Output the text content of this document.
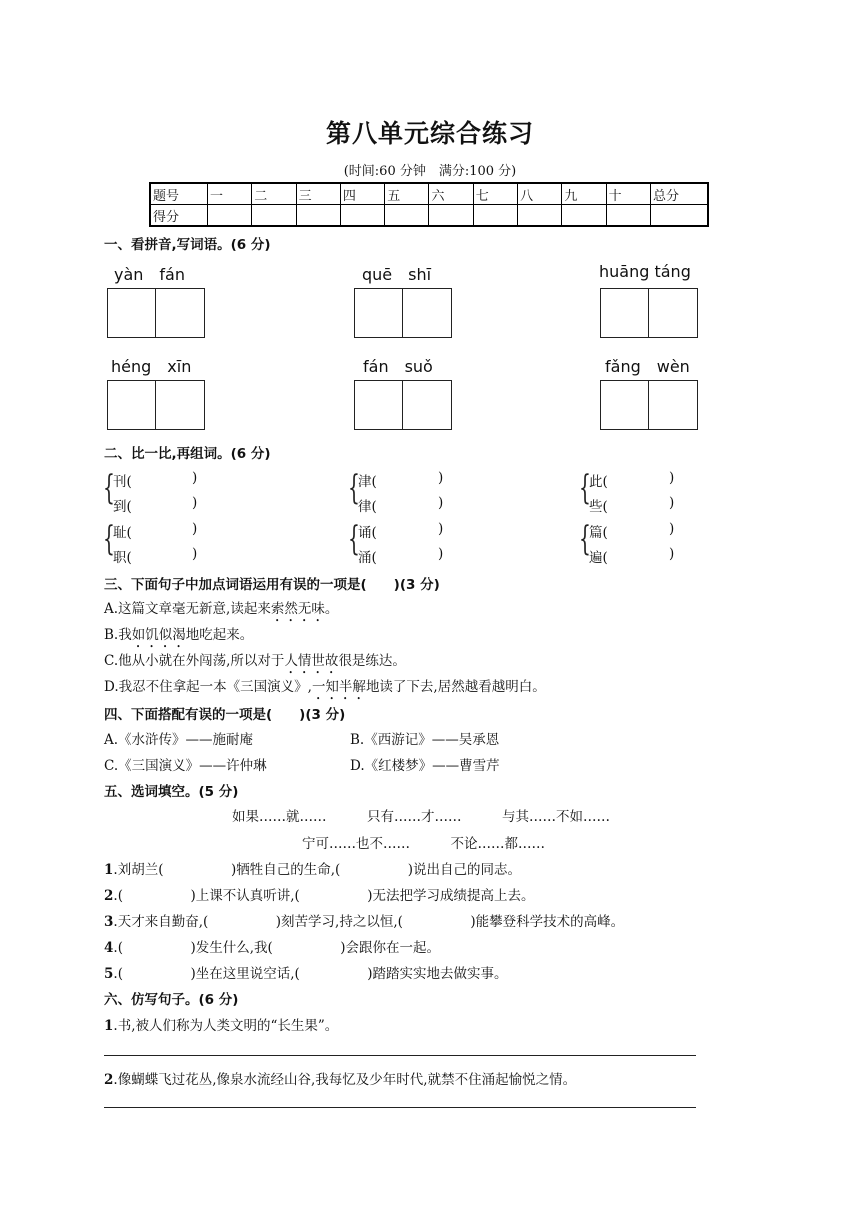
第八单元综合练习
(时间:60 分钟　满分:100 分)
题号	一	二	三	四	五	六	七	八	九	十	总分
得分											
一、看拼音,写词语。(6 分)
yàn　fán	quē　shī	huāng táng
héng　xīn	fán　suǒ	fǎng　wèn
二、比一比,再组词。(6 分)
{
刊(	)
到(	)	{
津(	)
律(	)	{
此(	)
些(	)
{
耻(	)
职(	)	{
诵(	)
涌(	)	{
篇(	)
遍(	)
三、下面句子中加点词语运用有误的一项是(　　)(3 分)
A.这篇文章毫无新意,读起来索然无味。
B.我如饥似渴地吃起来。
C.他从小就在外闯荡,所以对于人情世故很是练达。
D.我忍不住拿起一本《三国演义》,一知半解地读了下去,居然越看越明白。
四、下面搭配有误的一项是(　　)(3 分)
A.《水浒传》——施耐庵	B.《西游记》——吴承恩
C.《三国演义》——许仲琳	D.《红楼梦》——曹雪芹
五、选词填空。(5 分)
如果……就……　　　只有……才……　　　与其……不如……
宁可……也不……　　　不论……都……
1.刘胡兰(　　　　　)牺牲自己的生命,(　　　　　)说出自己的同志。
2.(　　　　　)上课不认真听讲,(　　　　　)无法把学习成绩提高上去。
3.天才来自勤奋,(　　　　　)刻苦学习,持之以恒,(　　　　　)能攀登科学技术的高峰。
4.(　　　　　)发生什么,我(　　　　　)会跟你在一起。
5.(　　　　　)坐在这里说空话,(　　　　　)踏踏实实地去做实事。
六、仿写句子。(6 分)
1.书,被人们称为人类文明的“长生果”。
2.像蝴蝶飞过花丛,像泉水流经山谷,我每忆及少年时代,就禁不住涌起愉悦之情。
